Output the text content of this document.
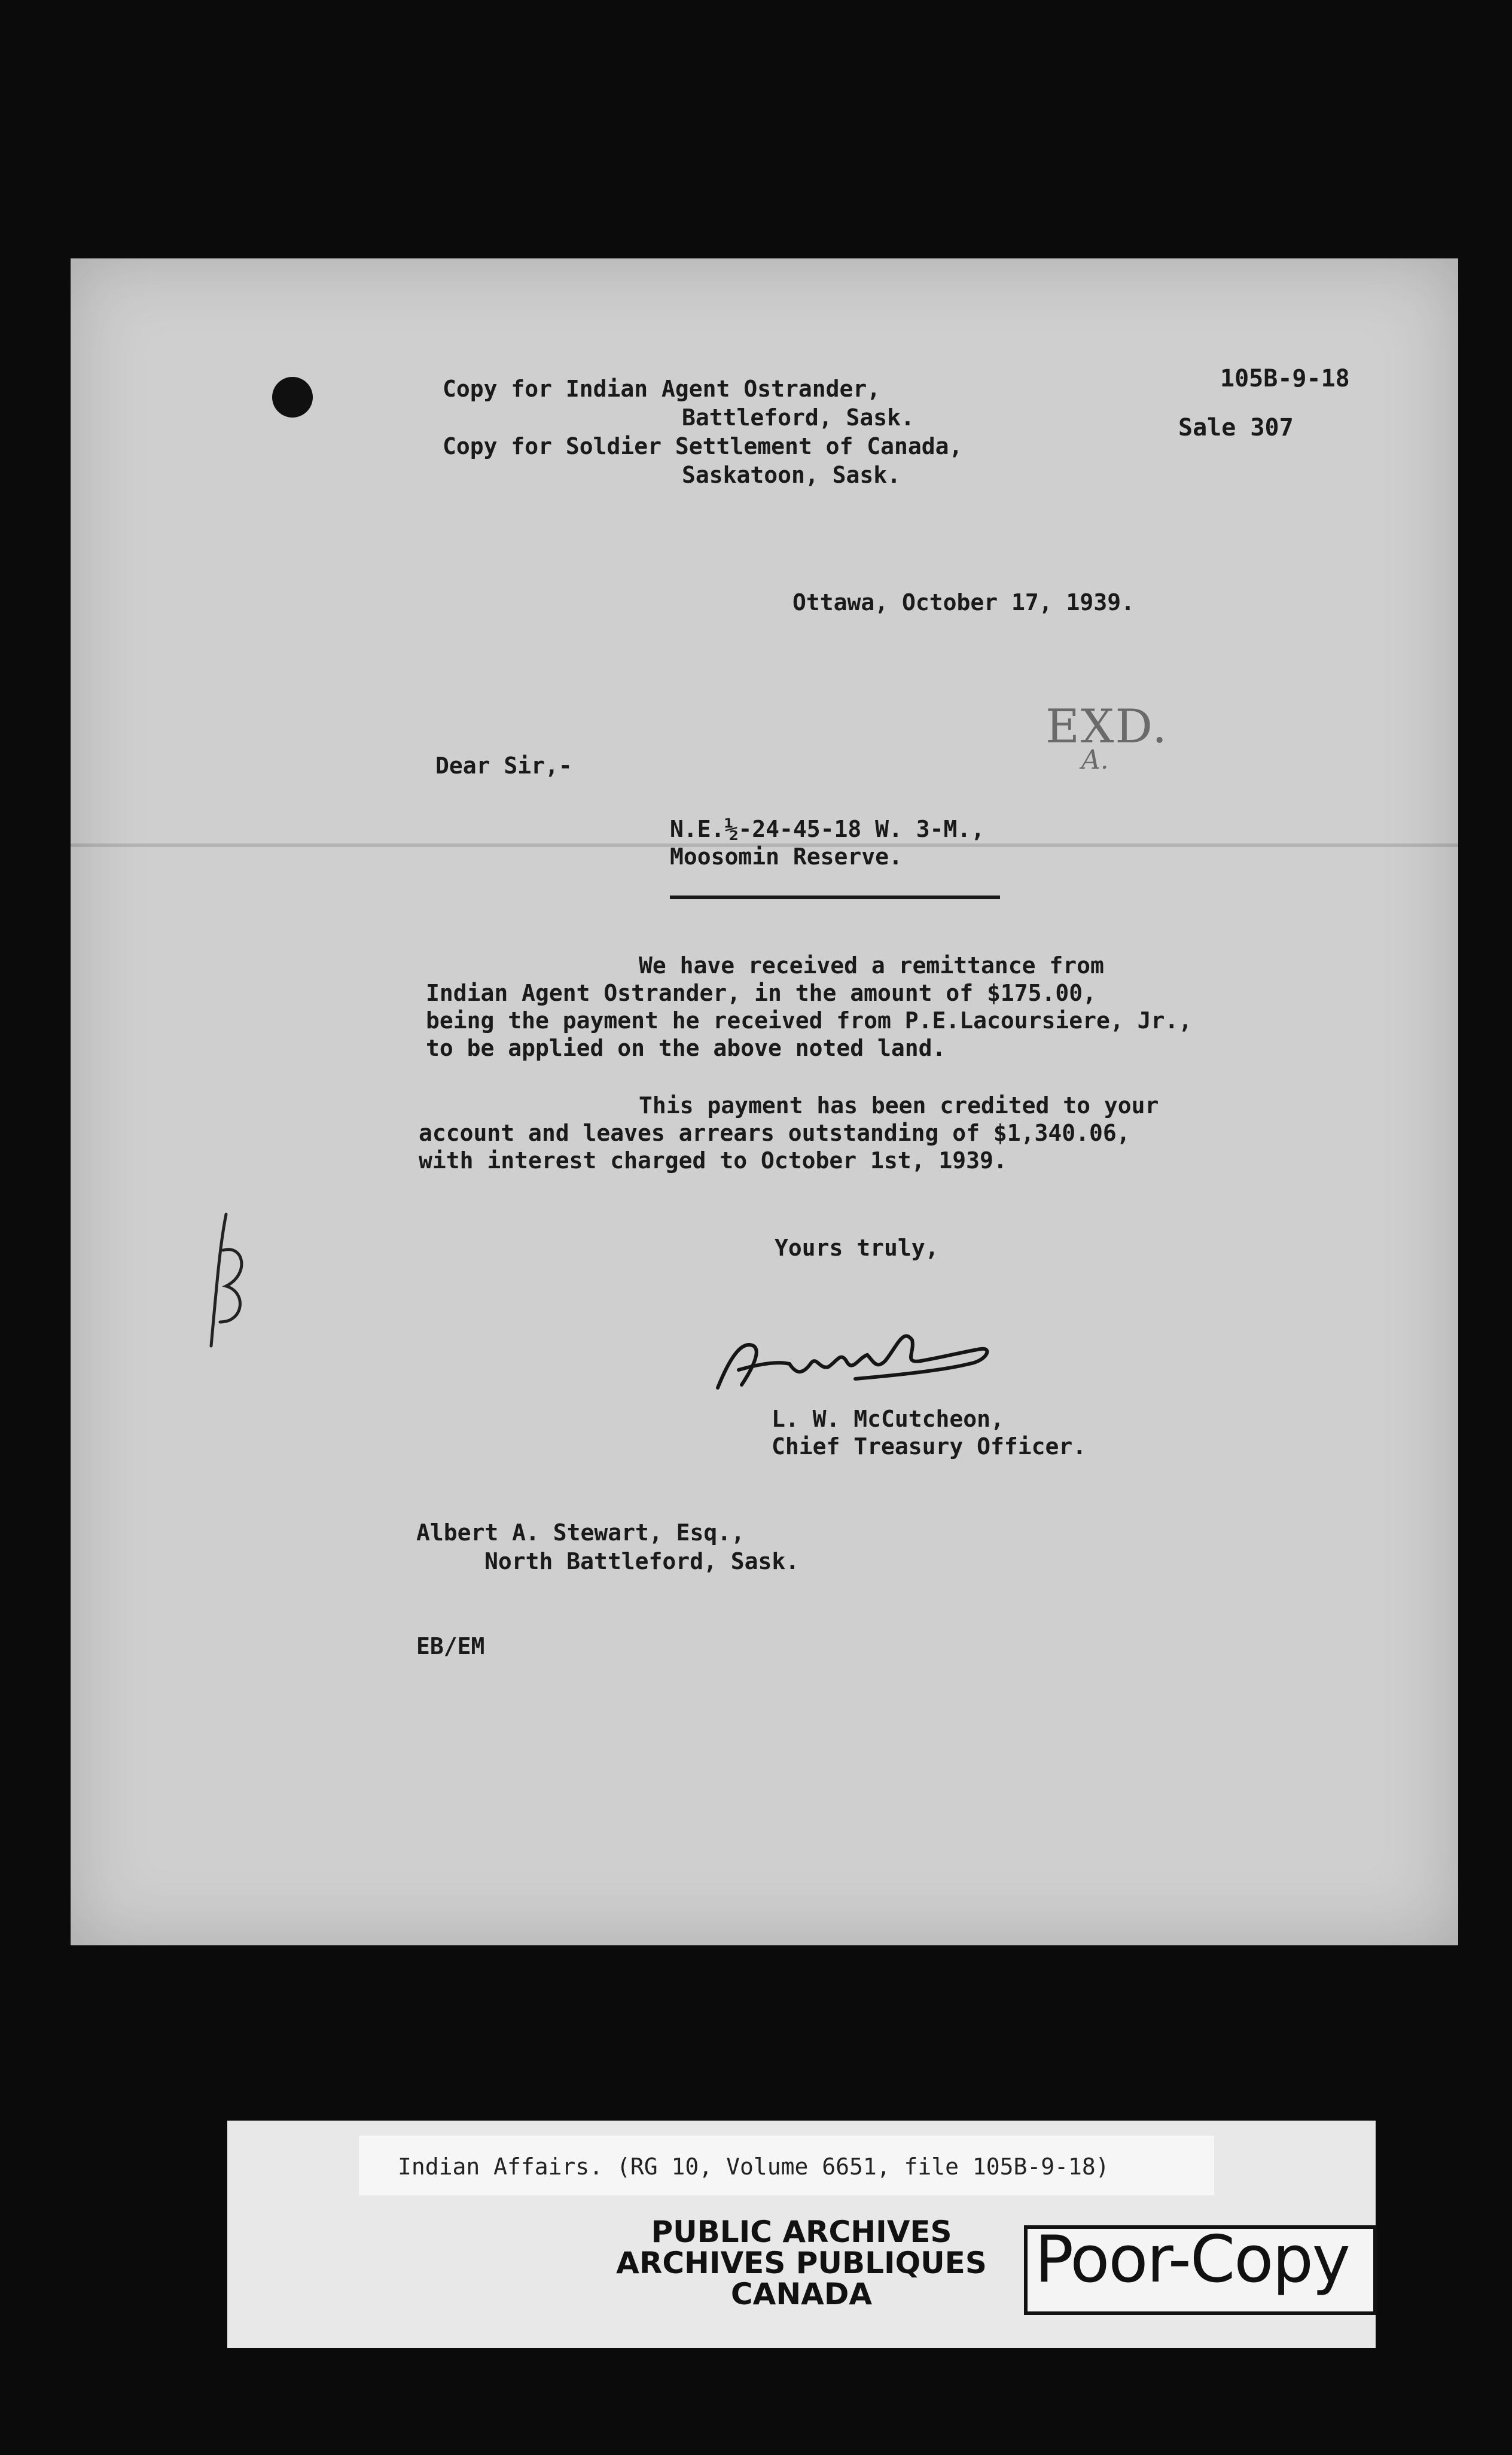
Copy for Indian Agent Ostrander,
Battleford, Sask.
Copy for Soldier Settlement of Canada,
Saskatoon, Sask.
105B-9-18
Sale 307
Ottawa, October 17, 1939.
EXD.
A.
Dear Sir,-
N.E.½-24-45-18 W. 3-M.,
Moosomin Reserve.
We have received a remittance from
Indian Agent Ostrander, in the amount of $175.00,
being the payment he received from P.E.Lacoursiere, Jr.,
to be applied on the above noted land.
This payment has been credited to your
account and leaves arrears outstanding of $1,340.06,
with interest charged to October 1st, 1939.
Yours truly,
L. W. McCutcheon,
Chief Treasury Officer.
Albert A. Stewart, Esq.,
North Battleford, Sask.
EB/EM
Indian Affairs. (RG 10, Volume 6651, file 105B-9-18)
PUBLIC ARCHIVES
ARCHIVES PUBLIQUES
CANADA	Poor-Copy
